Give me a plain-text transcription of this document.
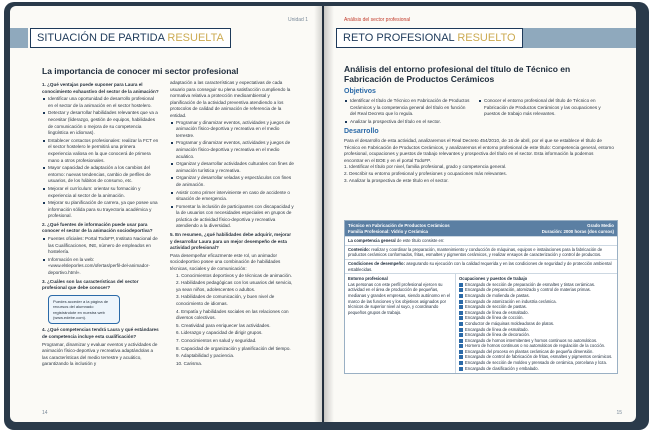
Unidad 1
SITUACIÓN DE PARTIDA RESUELTA
La importancia de conocer mi sector profesional
1. ¿Qué ventajas puede suponer para Laura el conocimiento exhaustivo del sector de la animación?
Identificar una oportunidad de desarrollo profesional en el sector de la animación en el sector hostelero.
Detectar y desarrollar habilidades relevantes que va a necesitar (liderazgo, gestión de equipos, habilidades de comunicación o mejora de su competencia lingüística en idiomas).
Establecer contactos profesionales: realizar la FCT en el sector hostelero le permitirá una primera experiencia valiosa en la que conocerá de primera mano a otros profesionales.
Mayor capacidad de adaptación a los cambios del entorno: nuevas tendencias, cambio de perfiles de usuarios, de los hábitos de consumo, etc.
Mejorar el currículum: orientar su formación y experiencia al sector de la animación.
Mejorar su planificación de carrera, ya que posee una información sólida para su trayectoria académica y profesional.
2. ¿Qué fuentes de información puede usar para conocer el sector de la animación sociodeportiva?
Fuentes oficiales: Portal TodoFP, Instituto Nacional de las Cualificaciones, INE, número de empleados en hostelería.
Información en la web: «www.elsleporles.com/ofertas/perfil-del-animador-deportivo.html».
3. ¿Cuáles son las características del sector profesional que debe conocer?
Puedes acceder a la página de recursos del alumnado registrándote en nuestra web (www.edebe.com).
4. ¿Qué competencias tendrá Laura y qué estándares de competencia incluye esta cualificación?
Programar, dinamizar y evaluar eventos y actividades de animación físico-deportiva y recreativa adaptándolas a las características del medio terrestre y acuático, garantizando la inclusión y
adaptación a las características y expectativas de cada usuario para conseguir su plena satisfacción cumpliendo la normativa relativa a protección medioambiental y planificación de la actividad preventiva atendiendo a los protocolos de calidad de animación de referencia de la entidad.
Programar y dinamizar eventos, actividades y juegos de animación físico-deportiva y recreativa en el medio terrestre.
Programar y dinamizar eventos, actividades y juegos de animación físico-deportiva y recreativa en el medio acuático.
Organizar y desarrollar actividades culturales con fines de animación turística y recreativa.
Organizar y desarrollar veladas y espectáculos con fines de animación.
Asistir como primer interviniente en caso de accidente o situación de emergencia.
Fomentar la inclusión de participantes con discapacidad y la de usuarios con necesidades especiales en grupos de práctica de actividad físico-deportiva y recreativa atendiendo a la diversidad.
5. En resumen, ¿qué habilidades debe adquirir, mejorar y desarrollar Laura para un mejor desempeño de esta actividad profesional?
Para desempeñar eficazmente este rol, un animador sociodeportivo posee una combinación de habilidades técnicas, sociales y de comunicación:
1. Conocimientos deportivos y de técnicas de animación.
2. Habilidades pedagógicas con los usuarios del servicio, ya sean niños, adolescentes o adultos.
3. Habilidades de comunicación, y buen nivel de conocimiento de idiomas.
4. Empatía y habilidades sociales en las relaciones con diversos colectivos.
5. Creatividad para enriquecer las actividades.
6. Liderazgo y capacidad de dirigir grupos.
7. Conocimientos en salud y seguridad.
8. Capacidad de organización y planificación del tiempo.
9. Adaptabilidad y paciencia.
10. Carisma.
14
Análisis del sector profesional
RETO PROFESIONAL RESUELTO
Análisis del entorno profesional del título de Técnico en Fabricación de Productos Cerámicos
Objetivos
Identificar el título de Técnico en Fabricación de Productos Cerámicos y la competencia general del título en función del Real Decreto que lo regula.
Analizar la prospectiva del título en el sector.
Conocer el entorno profesional del título de Técnico en Fabricación de Productos Cerámicos y las ocupaciones y puestos de trabajo más relevantes.
Desarrollo
Para el desarrollo de esta actividad, analizaremos el Real Decreto 454/2010, de 16 de abril, por el que se establece el título de Técnico en Fabricación de Productos Cerámicos, y analizaremos el entorno profesional de este título: Competencia general, entorno profesional, ocupaciones y puestos de trabajo relevantes y prospectiva del título en el sector. Esta información la podemos encontrar en el BOE y en el portal TodoFP.
1. Identificar el título por nivel, familia profesional, grado y competencia general.
2. Describir su entorno profesional y profesiones y ocupaciones más relevantes.
3. Analizar la prospectiva de este título en el sector.
Técnico en Fabricación de Productos Cerámicos
Familia Profesional: Vidrio y Cerámica
Grado Medio
Duración: 2000 horas (dos cursos)
La competencia general de este título consiste en:
Contenido: realizar y coordinar la preparación, mantenimiento y conducción de máquinas, equipos e instalaciones para la fabricación de productos cerámicos conformados, fritas, esmaltes y pigmentos cerámicos, y realizar ensayos de caracterización y control de productos.
Condiciones de desempeño: asegurando su ejecución con la calidad requerida y en las condiciones de seguridad y de protección ambiental establecidas.
Entorno profesional
Las personas con este perfil profesional ejercen su actividad en el área de producción de pequeñas, medianas y grandes empresas, siendo autónomo en el marco de las funciones y los objetivos asignados por técnicos de superior nivel al suyo, y coordinando pequeños grupos de trabajo.
Ocupaciones y puestos de trabajo
Encargado de sección de preparación de esmaltes y tintas cerámicas.
Encargado de preparación, atomizado y control de materias primas.
Encargado de molienda de pastas.
Encargado de atomización en industria cerámica.
Encargado de sección de pastas.
Encargado de línea de esmaltado.
Encargado de línea de cocción.
Conductor de máquinas moldeadoras de platos.
Encargado de línea de esmaltado.
Encargado de línea de decoración.
Encargado de hornos intermitentes y hornos continuos no automáticos.
Hornero de hornos continuos o no automáticos de regulación de la cocción.
Encargado del proceso en plantas cerámicas de pequeña dimensión.
Encargado de control de fabricación de fritas, esmaltes y pigmentos cerámicos.
Encargado de sección de moldeo y prensado de cerámica, porcelana y loza.
Encargado de clasificación y embalado.
15
